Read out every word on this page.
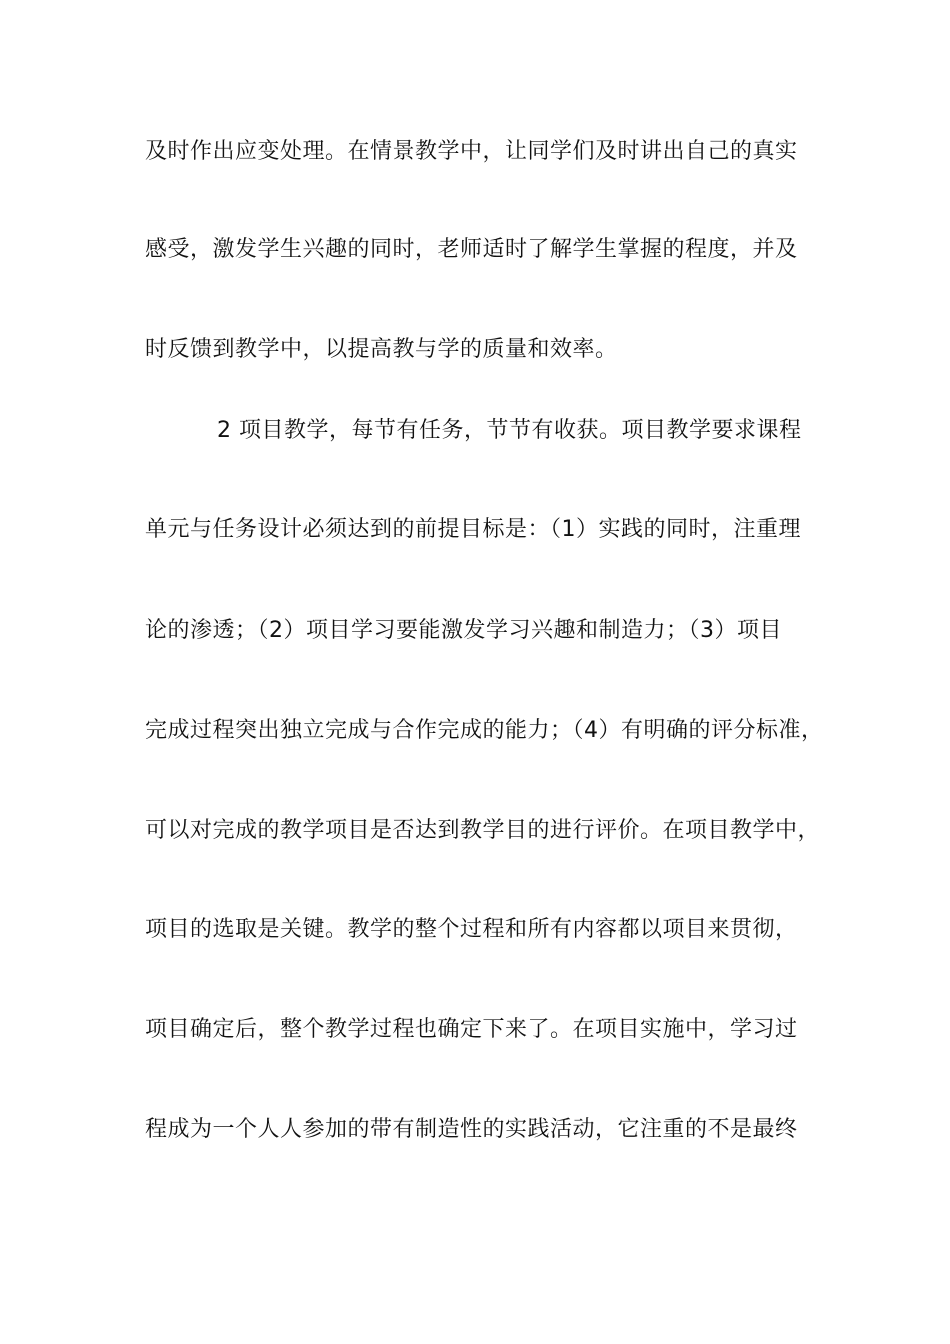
及时作出应变处理。在情景教学中，让同学们及时讲出自己的真实
感受，激发学生兴趣的同时，老师适时了解学生掌握的程度，并及
时反馈到教学中，以提高教与学的质量和效率。
2 项目教学，每节有任务，节节有收获。项目教学要求课程
单元与任务设计必须达到的前提目标是：（1）实践的同时，注重理
论的渗透；（2）项目学习要能激发学习兴趣和制造力；（3）项目
完成过程突出独立完成与合作完成的能力；（4）有明确的评分标准，
可以对完成的教学项目是否达到教学目的进行评价。在项目教学中，
项目的选取是关键。教学的整个过程和所有内容都以项目来贯彻，
项目确定后，整个教学过程也确定下来了。在项目实施中，学习过
程成为一个人人参加的带有制造性的实践活动，它注重的不是最终
